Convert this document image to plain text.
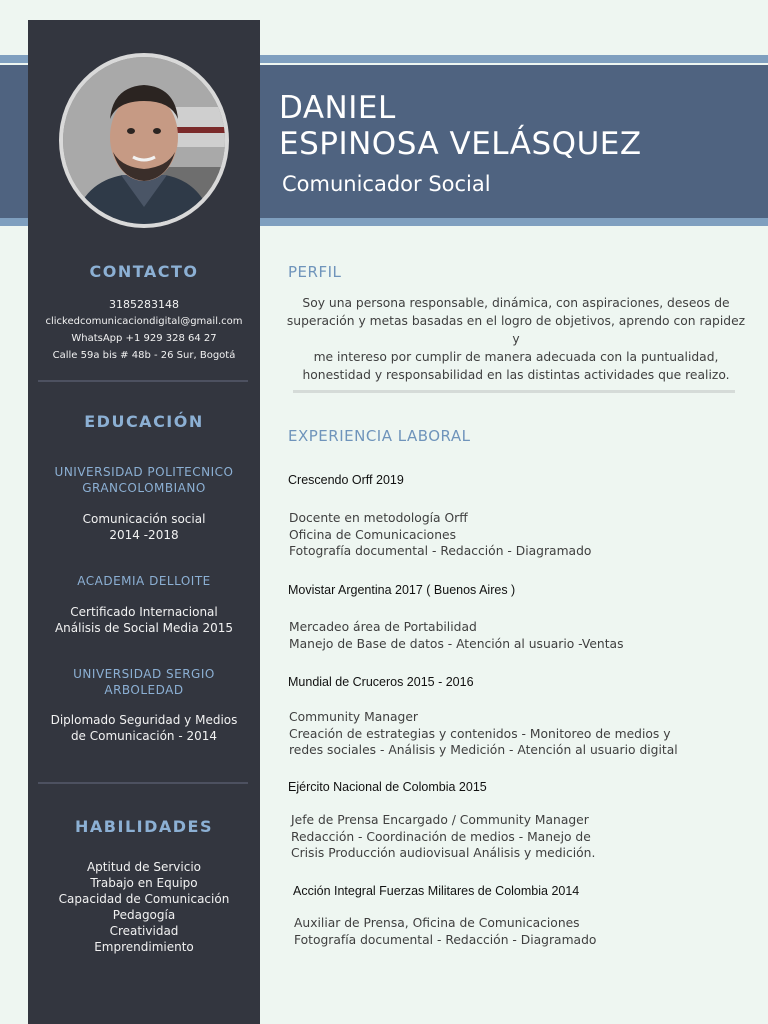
CONTACTO
3185283148
clickedcomunicaciondigital@gmail.com
WhatsApp +1 929 328 64 27
Calle 59a bis # 48b - 26 Sur, Bogotá
EDUCACIÓN
UNIVERSIDAD POLITECNICO
GRANCOLOMBIANO
Comunicación social
2014 -2018
ACADEMIA DELLOITE
Certificado Internacional
Análisis de Social Media 2015
UNIVERSIDAD SERGIO
ARBOLEDAD
Diplomado Seguridad y Medios
de Comunicación - 2014
HABILIDADES
Aptitud de Servicio
Trabajo en Equipo
Capacidad de Comunicación
Pedagogía
Creatividad
Emprendimiento
DANIEL
ESPINOSA VELÁSQUEZ
Comunicador Social
PERFIL
Soy una persona responsable, dinámica, con aspiraciones, deseos de
superación y metas basadas en el logro de objetivos, aprendo con rapidez y
me intereso por cumplir de manera adecuada con la puntualidad,
honestidad y responsabilidad en las distintas actividades que realizo.
EXPERIENCIA LABORAL
Crescendo Orff 2019
Docente en metodología Orff
Oficina de Comunicaciones
Fotografía documental - Redacción - Diagramado
Movistar Argentina 2017 ( Buenos Aires )
Mercadeo área de Portabilidad
Manejo de Base de datos - Atención al usuario -Ventas
Mundial de Cruceros 2015 - 2016
Community Manager
Creación de estrategias y contenidos - Monitoreo de medios y
redes sociales - Análisis y Medición - Atención al usuario digital
Ejército Nacional de Colombia 2015
Jefe de Prensa Encargado / Community Manager
Redacción - Coordinación de medios - Manejo de
Crisis Producción audiovisual Análisis y medición.
Acción Integral Fuerzas Militares de Colombia 2014
Auxiliar de Prensa, Oficina de Comunicaciones
Fotografía documental - Redacción - Diagramado
